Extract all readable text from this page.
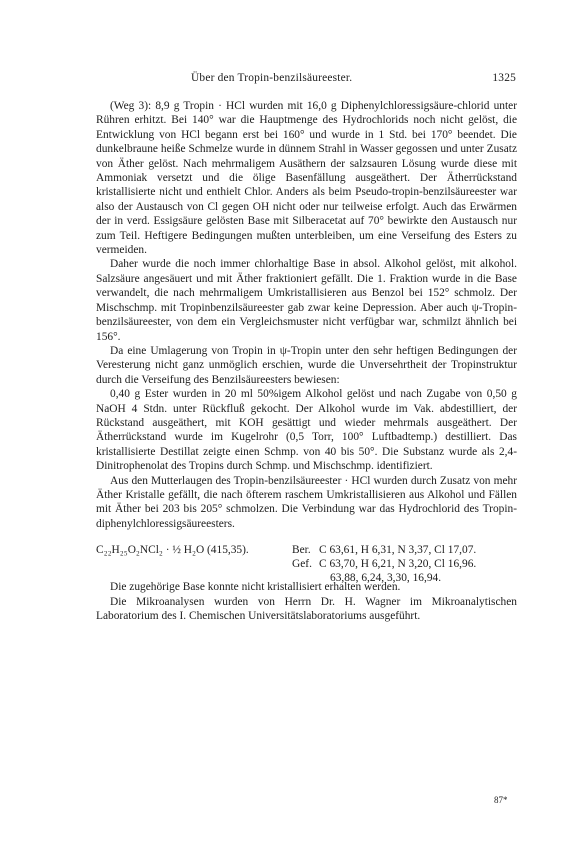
Über den Tropin-benzilsäureester.	1325

(Weg 3): 8,9 g Tropin · HCl wurden mit 16,0 g Diphenylchloressigsäure-chlorid unter Rühren erhitzt. Bei 140° war die Hauptmenge des Hydrochlorids noch nicht gelöst, die Entwicklung von HCl begann erst bei 160° und wurde in 1 Std. bei 170° beendet. Die dunkelbraune heiße Schmelze wurde in dünnem Strahl in Wasser gegossen und unter Zusatz von Äther gelöst. Nach mehrmaligem Ausäthern der salzsauren Lösung wurde diese mit Ammoniak versetzt und die ölige Basenfällung ausgeäthert. Der Ätherrückstand kristallisierte nicht und enthielt Chlor. Anders als beim Pseudo-tropin-benzilsäureester war also der Austausch von Cl gegen OH nicht oder nur teilweise erfolgt. Auch das Erwärmen der in verd. Essigsäure gelösten Base mit Silberacetat auf 70° bewirkte den Austausch nur zum Teil. Heftigere Bedingungen mußten unterbleiben, um eine Verseifung des Esters zu vermeiden.

Daher wurde die noch immer chlorhaltige Base in absol. Alkohol gelöst, mit alkohol. Salzsäure angesäuert und mit Äther fraktioniert gefällt. Die 1. Fraktion wurde in die Base verwandelt, die nach mehrmaligem Umkristallisieren aus Benzol bei 152° schmolz. Der Mischschmp. mit Tropinbenzilsäureester gab zwar keine Depression. Aber auch ψ-Tropin-benzilsäureester, von dem ein Vergleichsmuster nicht verfügbar war, schmilzt ähnlich bei 156°.

Da eine Umlagerung von Tropin in ψ-Tropin unter den sehr heftigen Bedingungen der Veresterung nicht ganz unmöglich erschien, wurde die Unversehrtheit der Tropinstruktur durch die Verseifung des Benzilsäureesters bewiesen:

0,40 g Ester wurden in 20 ml 50%igem Alkohol gelöst und nach Zugabe von 0,50 g NaOH 4 Stdn. unter Rückfluß gekocht. Der Alkohol wurde im Vak. abdestilliert, der Rückstand ausgeäthert, mit KOH gesättigt und wieder mehrmals ausgeäthert. Der Ätherrückstand wurde im Kugelrohr (0,5 Torr, 100° Luftbadtemp.) destilliert. Das kristallisierte Destillat zeigte einen Schmp. von 40 bis 50°. Die Substanz wurde als 2,4-Dinitrophenolat des Tropins durch Schmp. und Mischschmp. identifiziert.

Aus den Mutterlaugen des Tropin-benzilsäureester · HCl wurden durch Zusatz von mehr Äther Kristalle gefällt, die nach öfterem raschem Umkristallisieren aus Alkohol und Fällen mit Äther bei 203 bis 205° schmolzen. Die Verbindung war das Hydrochlorid des Tropin-diphenylchloressigsäureesters.

C₂₂H₂₅O₂NCl₂ · ½ H₂O (415,35).	Ber. C 63,61, H 6,31, N 3,37, Cl 17,07.
Gef. C 63,70, H 6,21, N 3,20, Cl 16,96.
63,88, 6,24, 3,30, 16,94.

Die zugehörige Base konnte nicht kristallisiert erhalten werden.

Die Mikroanalysen wurden von Herrn Dr. H. Wagner im Mikroanalytischen Laboratorium des I. Chemischen Universitätslaboratoriums ausgeführt.

87*
